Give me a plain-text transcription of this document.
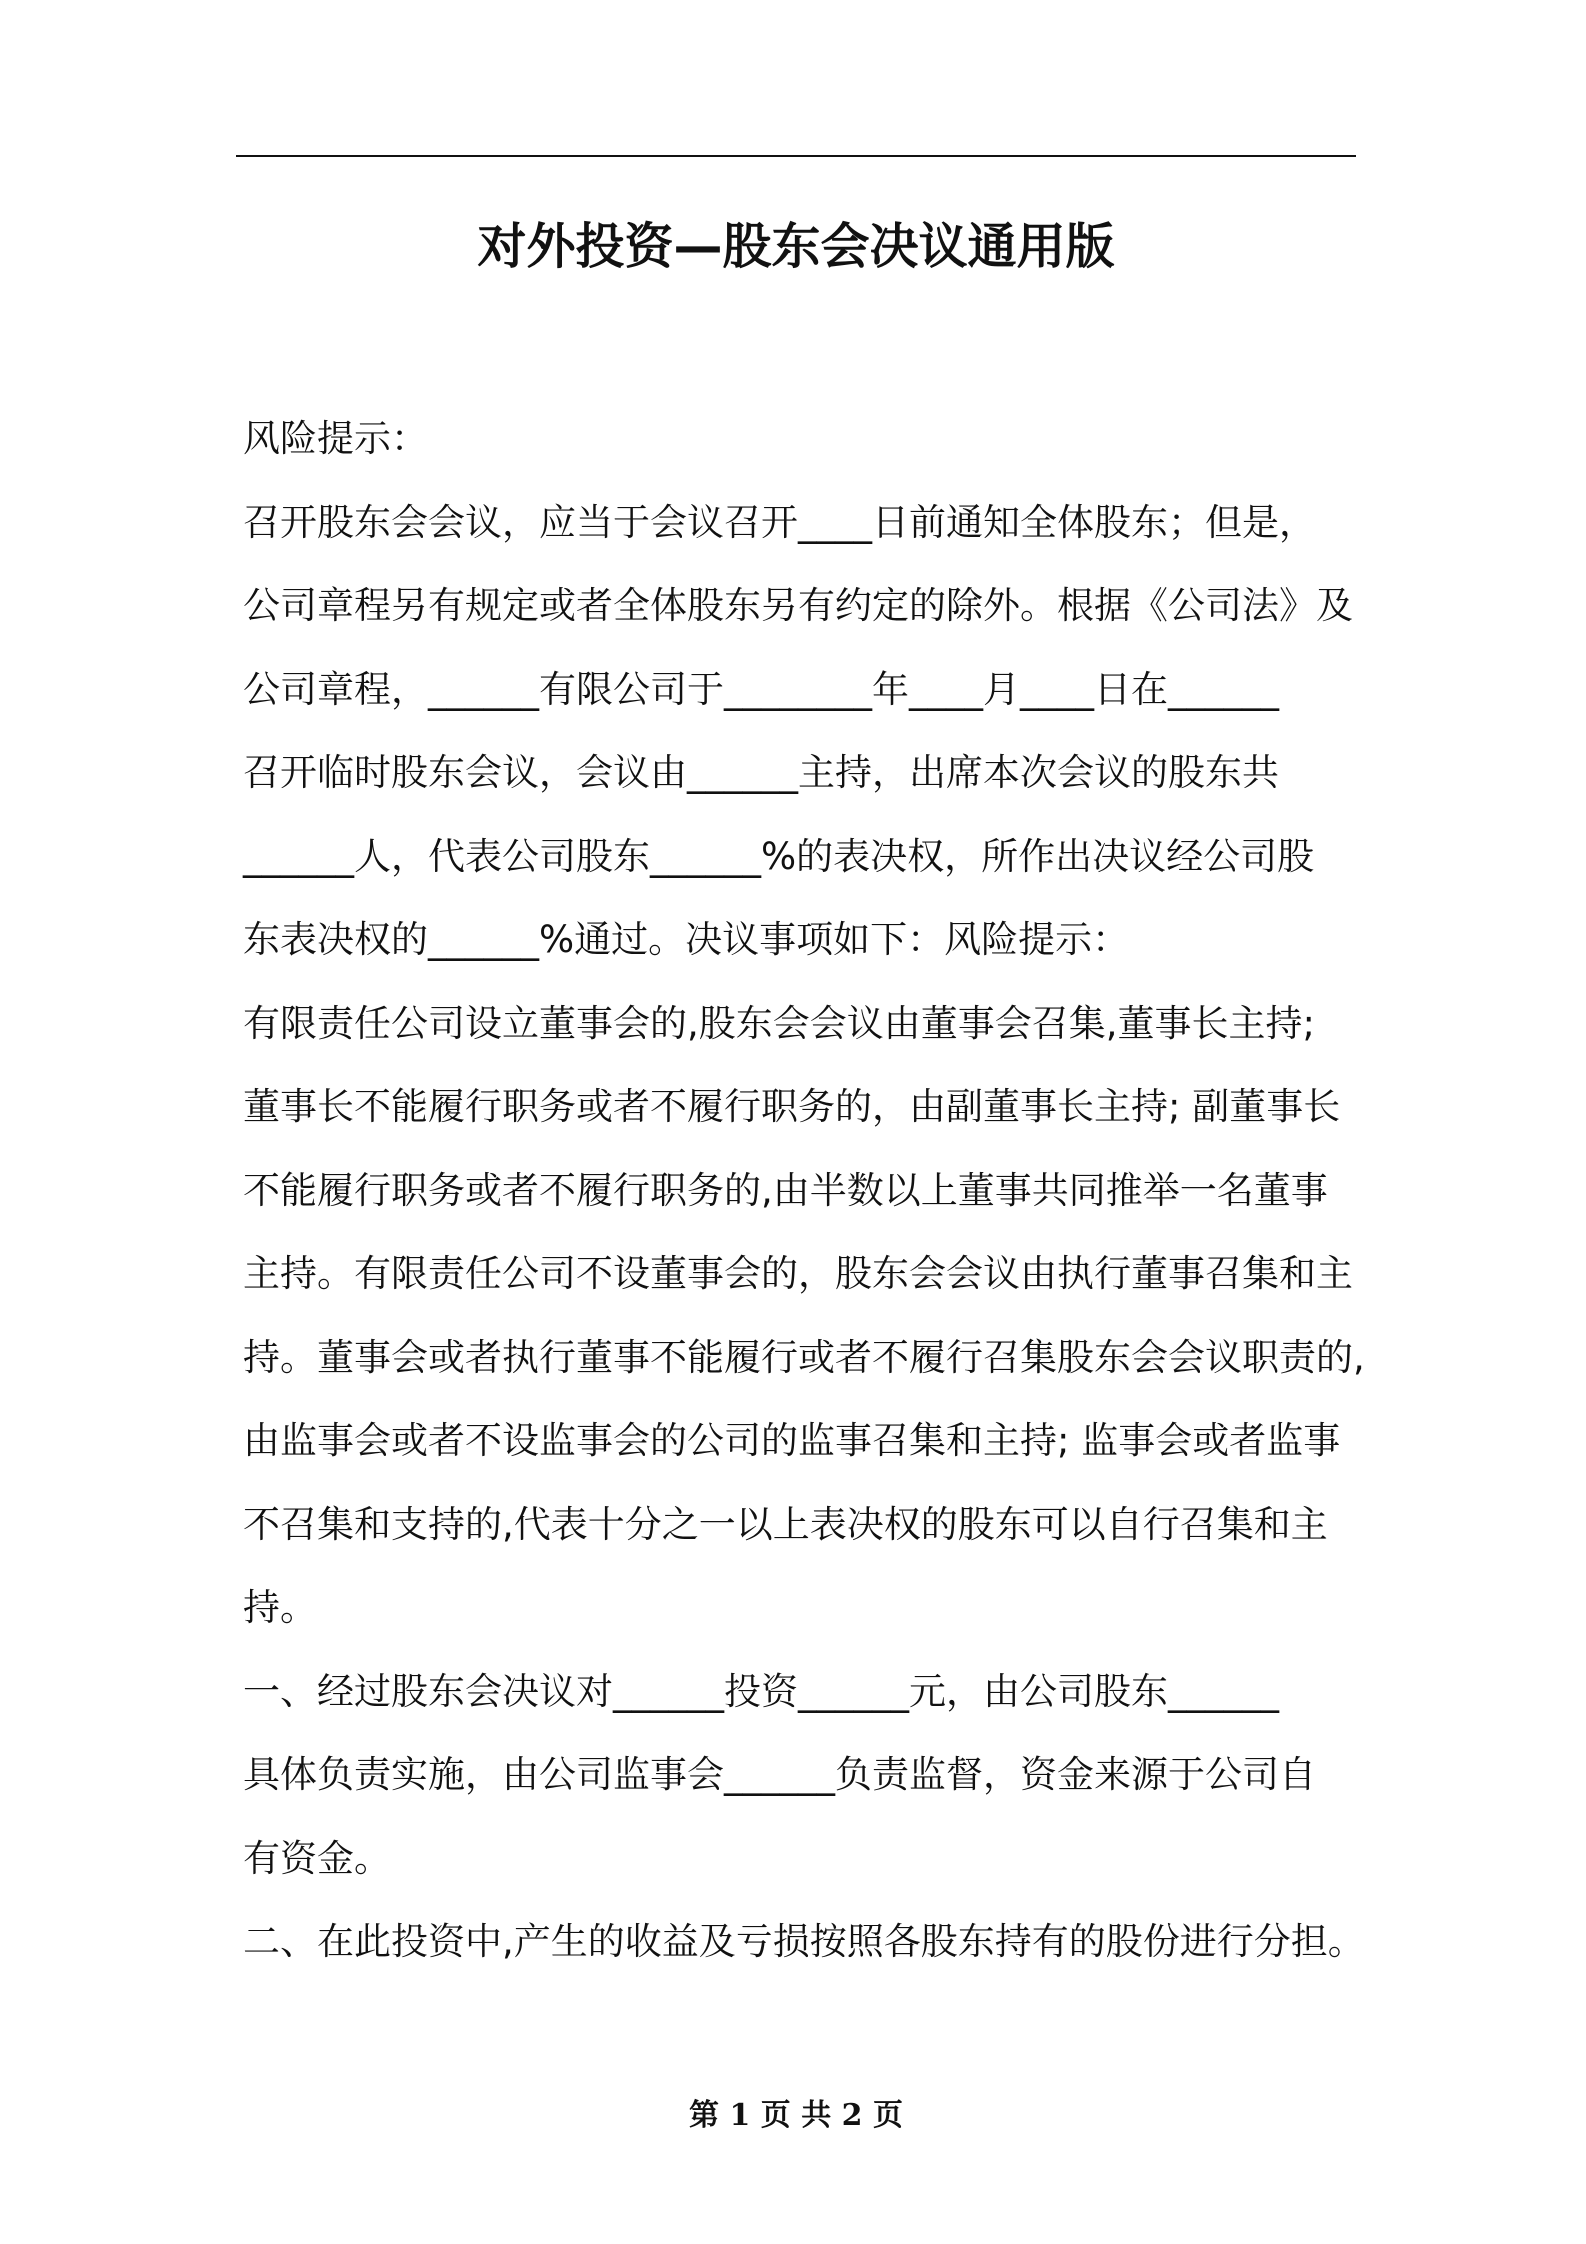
对外投资—股东会决议通用版

风险提示：

召开股东会会议，应当于会议召开____日前通知全体股东；但是，
公司章程另有规定或者全体股东另有约定的除外。根据《公司法》及
公司章程，______有限公司于________年____月____日在______
召开临时股东会议，会议由______主持，出席本次会议的股东共
______人，代表公司股东______%的表决权，所作出决议经公司股
东表决权的______%通过。决议事项如下：风险提示：

有限责任公司设立董事会的,股东会会议由董事会召集,董事长主持;
董事长不能履行职务或者不履行职务的，由副董事长主持; 副董事长
不能履行职务或者不履行职务的,由半数以上董事共同推举一名董事
主持。有限责任公司不设董事会的，股东会会议由执行董事召集和主
持。董事会或者执行董事不能履行或者不履行召集股东会会议职责的,
由监事会或者不设监事会的公司的监事召集和主持; 监事会或者监事
不召集和支持的,代表十分之一以上表决权的股东可以自行召集和主
持。

一、经过股东会决议对______投资______元，由公司股东______
具体负责实施，由公司监事会______负责监督，资金来源于公司自
有资金。

二、在此投资中,产生的收益及亏损按照各股东持有的股份进行分担。

第 1 页 共 2 页
